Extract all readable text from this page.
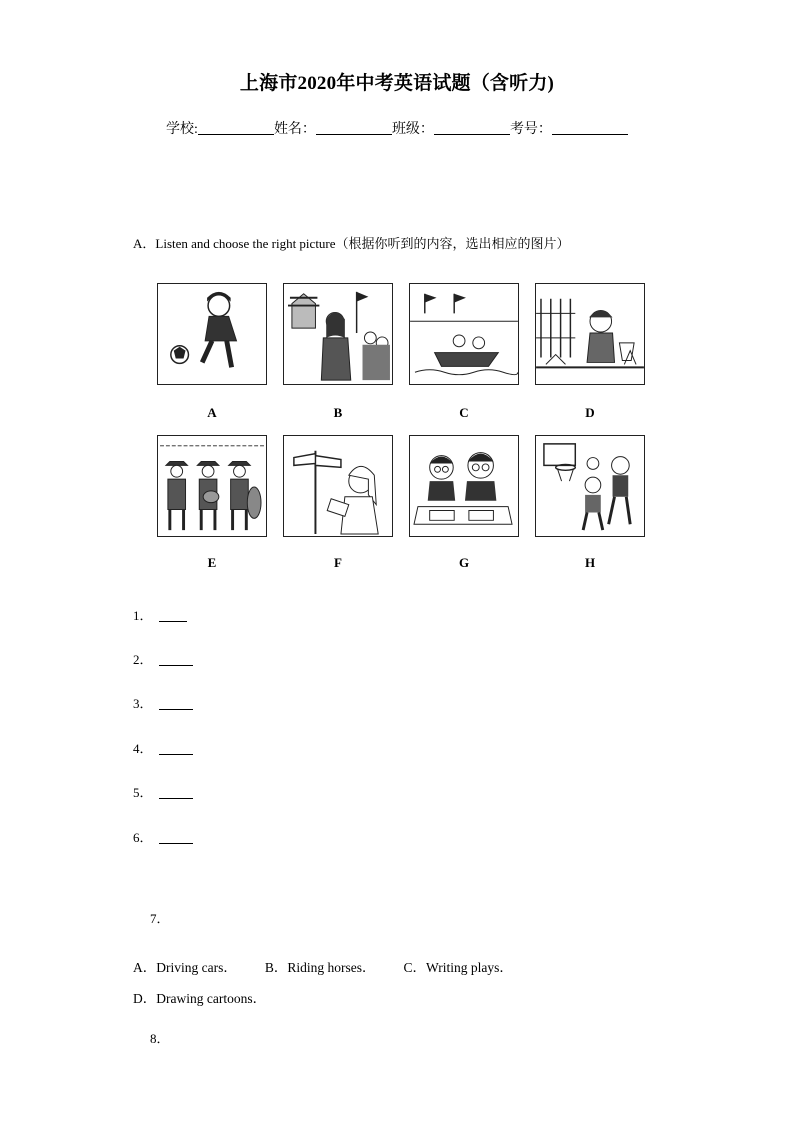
上海市2020年中考英语试题（含听力)
学校:	姓名：	班级：	考号：
A．Listen and choose the right picture（根据你听到的内容，选出相应的图片）
A	B	C	D
E	F	G	H
1．
2．
3．
4．
5．
6．
7．
A．Driving cars． B．Riding horses． C．Writing plays．D．Drawing cartoons．
8．
